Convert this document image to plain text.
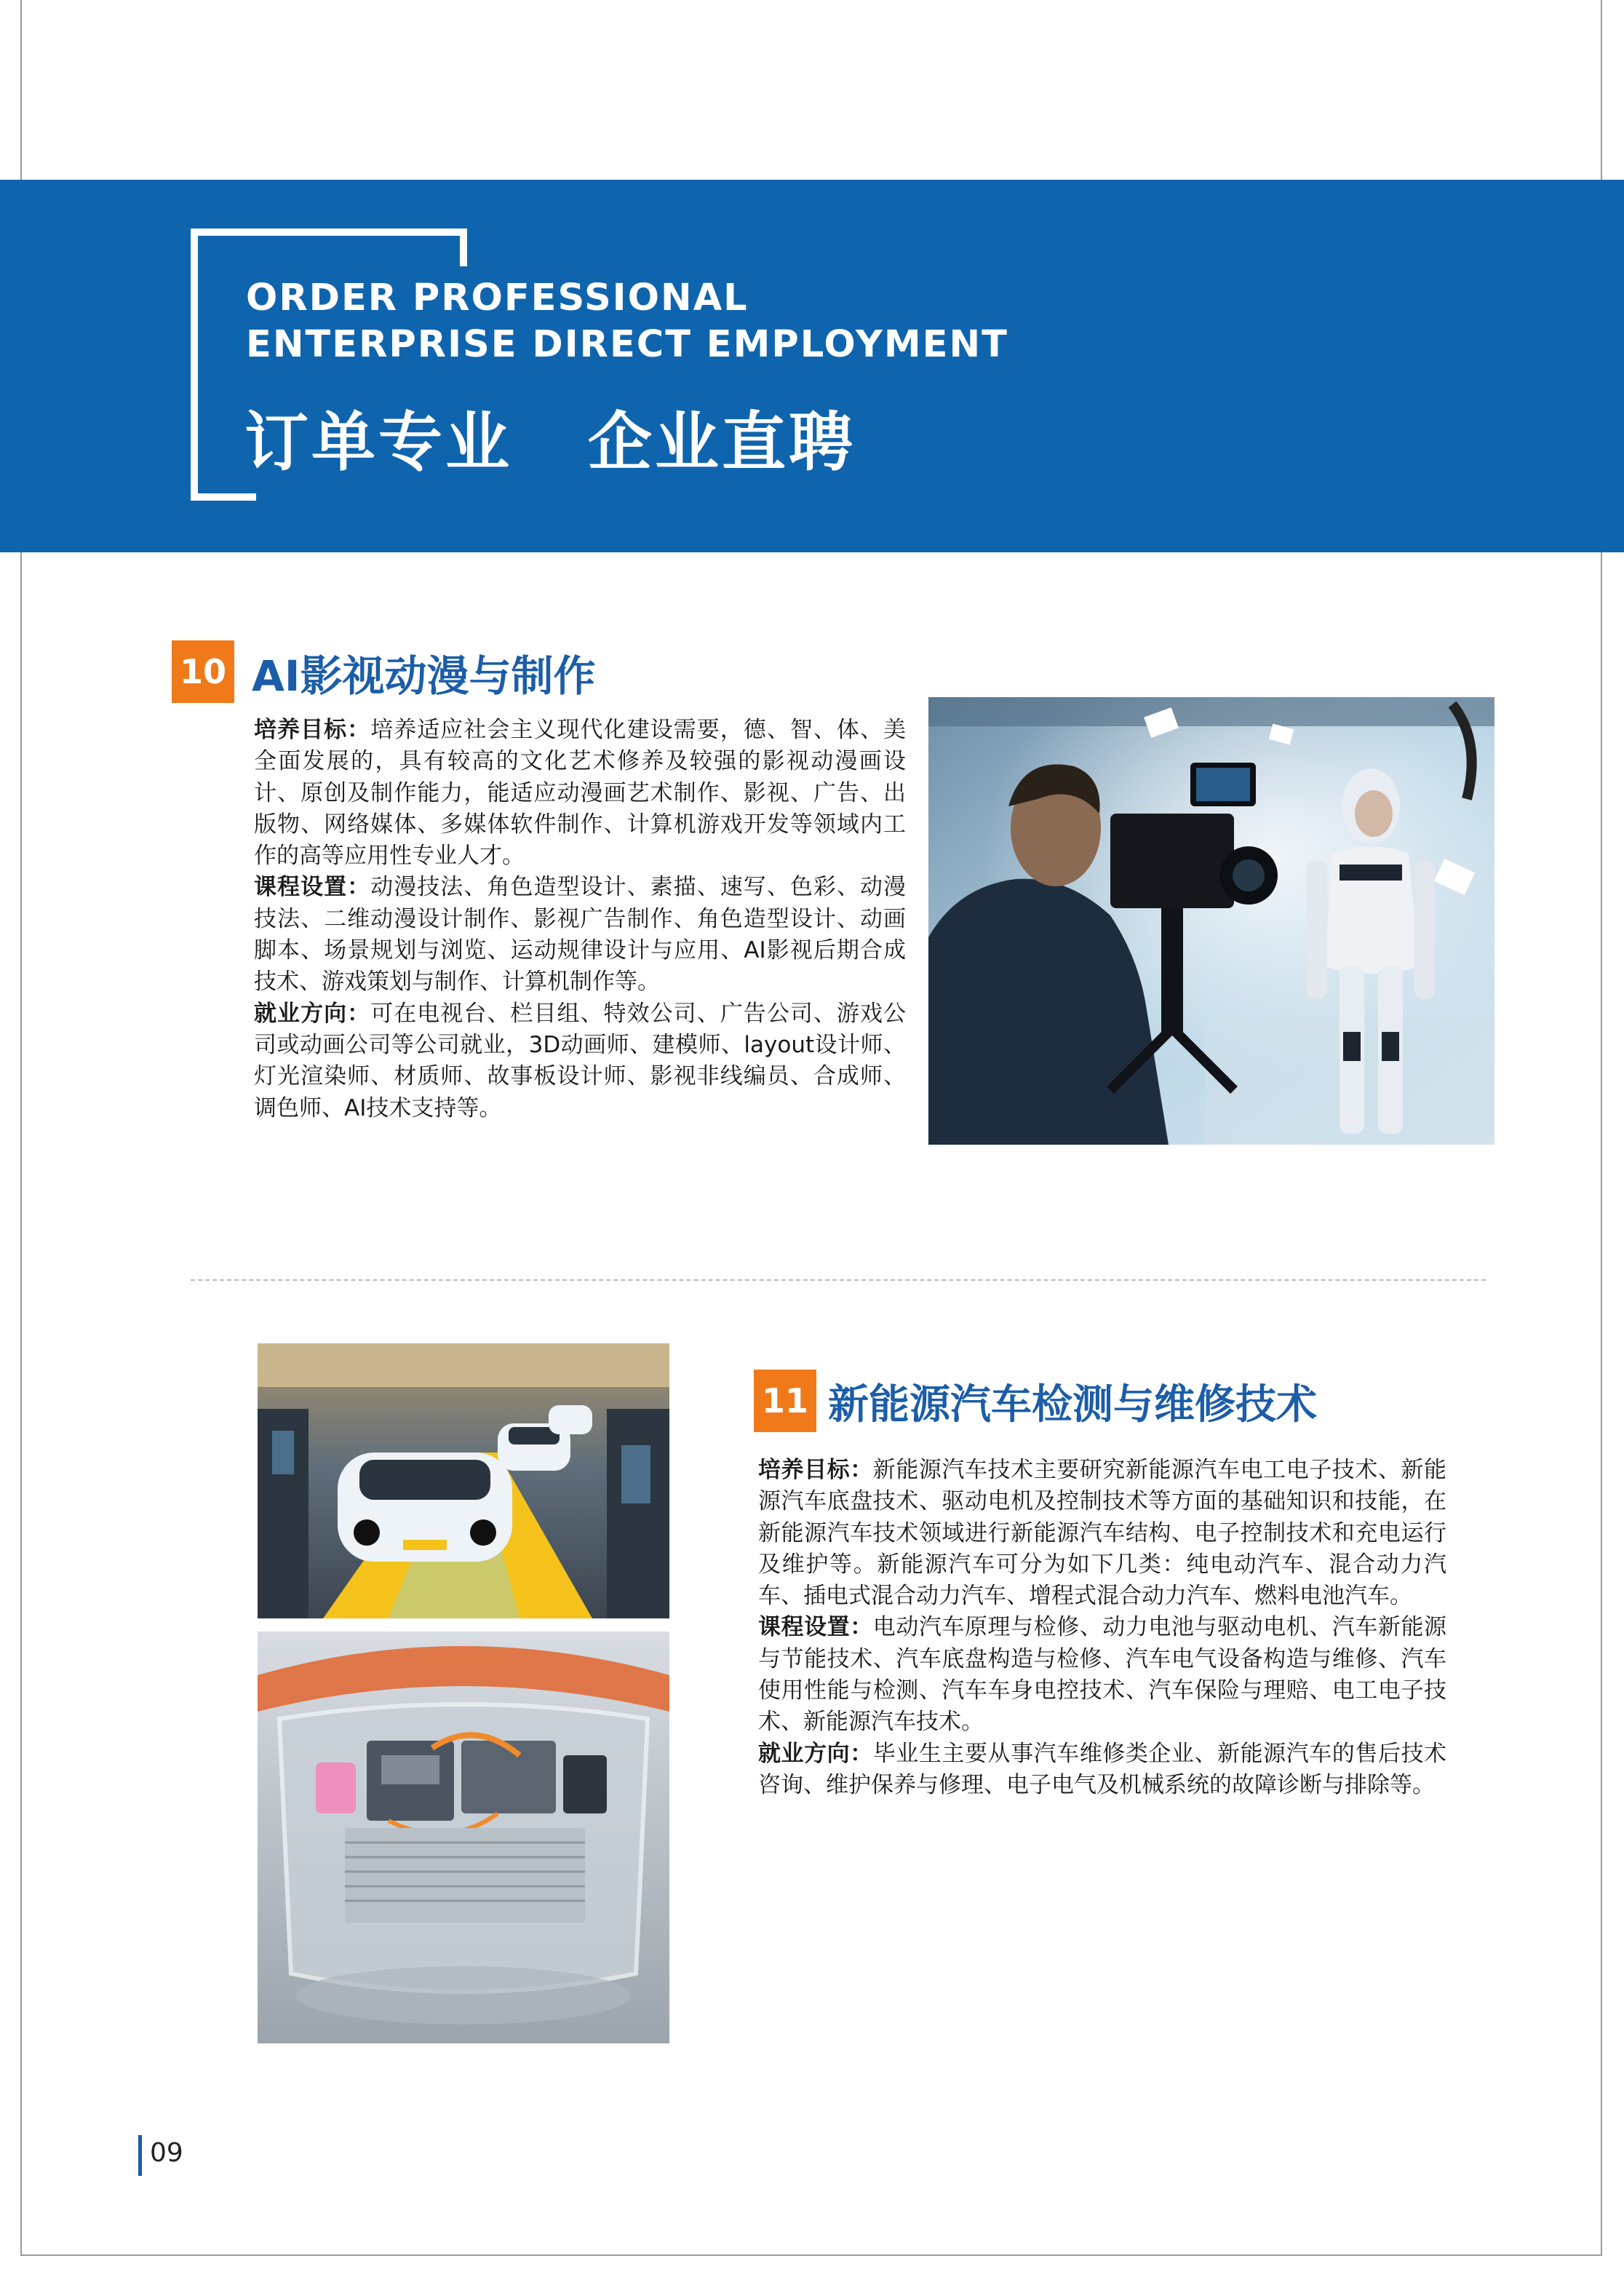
ORDER PROFESSIONAL
ENTERPRISE DIRECT EMPLOYMENT
订单专业   企业直聘
10 AI影视动漫与制作

培养目标：培养适应社会主义现代化建设需要，德、智、体、美全面发展的，具有较高的文化艺术修养及较强的影视动漫画设计、原创及制作能力，能适应动漫画艺术制作、影视、广告、出版物、网络媒体、多媒体软件制作、计算机游戏开发等领域内工作的高等应用性专业人才。

课程设置：动漫技法、角色造型设计、素描、速写、色彩、动漫技法、二维动漫设计制作、影视广告制作、角色造型设计、动画脚本、场景规划与浏览、运动规律设计与应用、AI影视后期合成技术、游戏策划与制作、计算机制作等。

就业方向：可在电视台、栏目组、特效公司、广告公司、游戏公司或动画公司等公司就业，3D动画师、建模师、layout设计师、灯光渲染师、材质师、故事板设计师、影视非线编员、合成师、调色师、AI技术支持等。

11 新能源汽车检测与维修技术

培养目标：新能源汽车技术主要研究新能源汽车电工电子技术、新能源汽车底盘技术、驱动电机及控制技术等方面的基础知识和技能，在新能源汽车技术领域进行新能源汽车结构、电子控制技术和充电运行及维护等。新能源汽车可分为如下几类：纯电动汽车、混合动力汽车、插电式混合动力汽车、增程式混合动力汽车、燃料电池汽车。

课程设置：电动汽车原理与检修、动力电池与驱动电机、汽车新能源与节能技术、汽车底盘构造与检修、汽车电气设备构造与维修、汽车使用性能与检测、汽车车身电控技术、汽车保险与理赔、电工电子技术、新能源汽车技术。

就业方向：毕业生主要从事汽车维修类企业、新能源汽车的售后技术咨询、维护保养与修理、电子电气及机械系统的故障诊断与排除等。

09
